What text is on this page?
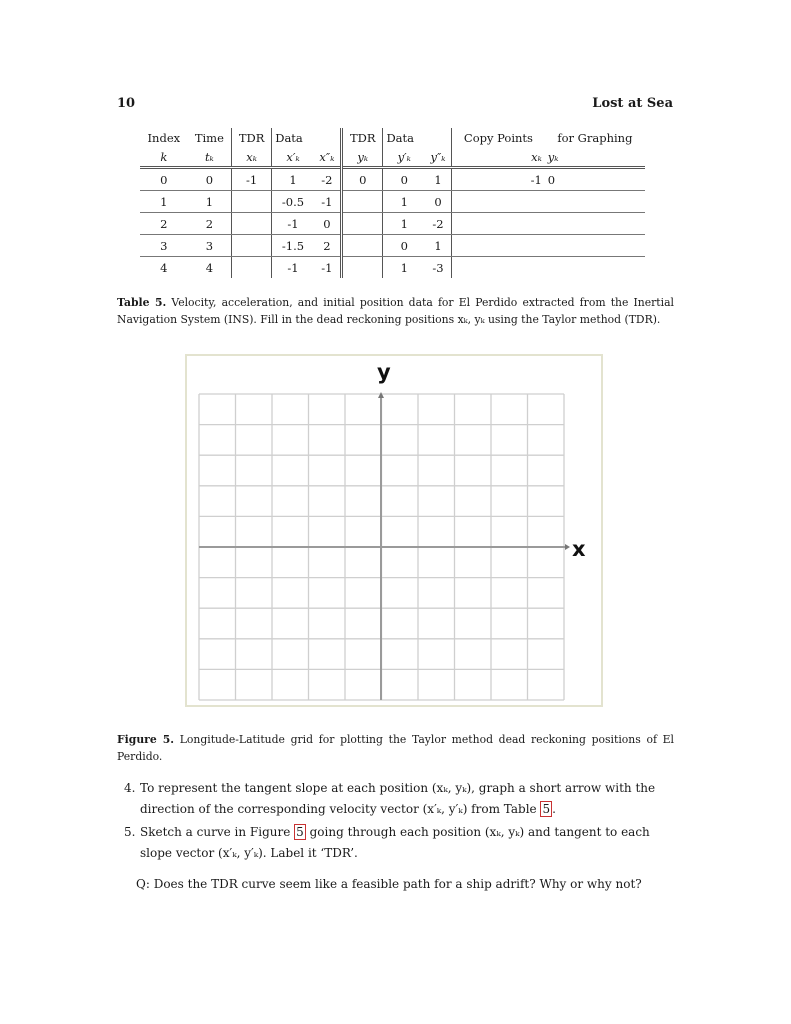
10	Lost at Sea
Index	Time	TDR	Data		TDR	Data		Copy Points	for Graphing
k	tₖ	xₖ	x′ₖ	x″ₖ	yₖ	y′ₖ	y″ₖ	xₖ	yₖ
0	0	-1	1	-2	0	0	1	-1	0
1	1		-0.5	-1		1	0		
2	2		-1	0		1	-2		
3	3		-1.5	2		0	1		
4	4		-1	-1		1	-3		
Table 5. Velocity, acceleration, and initial position data for El Perdido extracted from the Inertial Navigation System (INS). Fill in the dead reckoning positions xₖ, yₖ using the Taylor method (TDR).
y
x
Figure 5. Longitude-Latitude grid for plotting the Taylor method dead reckoning positions of El Perdido.
4. To represent the tangent slope at each position (xₖ, yₖ), graph a short arrow with the direction of the corresponding velocity vector (x′ₖ, y′ₖ) from Table 5 .
5. Sketch a curve in Figure 5 going through each position (xₖ, yₖ) and tangent to each slope vector (x′ₖ, y′ₖ). Label it ‘TDR’.
Q: Does the TDR curve seem like a feasible path for a ship adrift? Why or why not?
